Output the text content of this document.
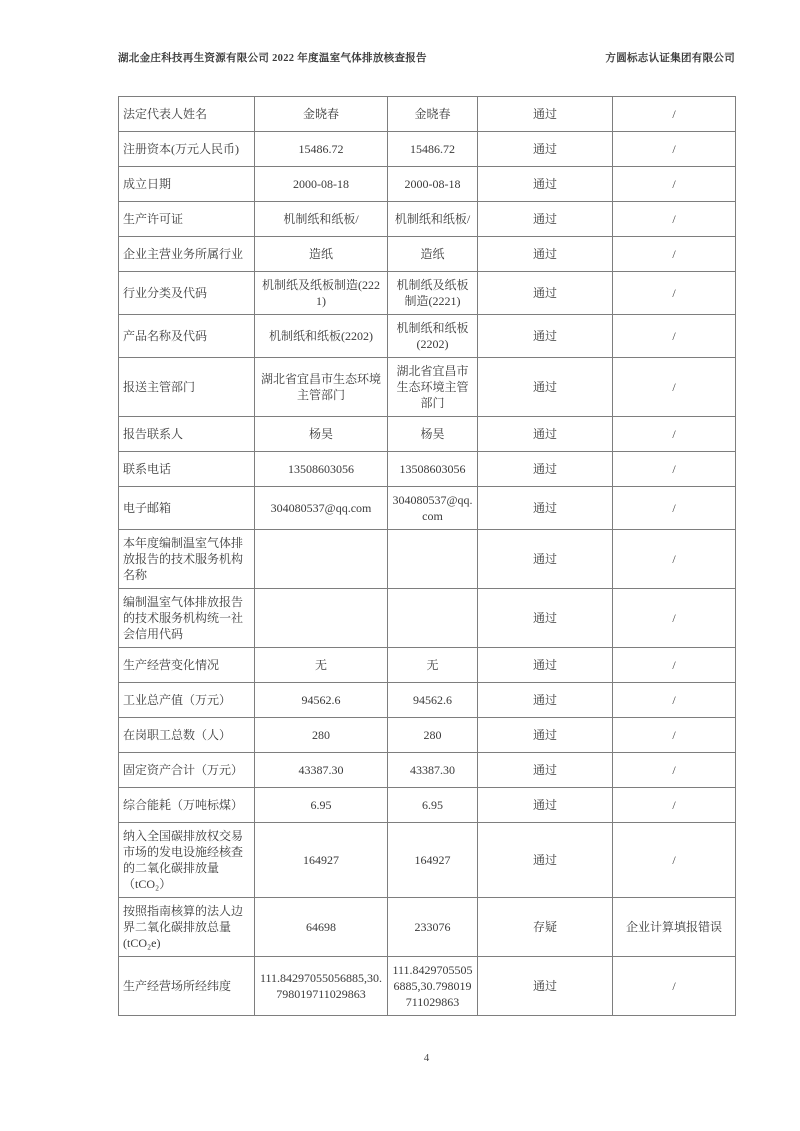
湖北金庄科技再生资源有限公司 2022 年度温室气体排放核查报告	方圆标志认证集团有限公司
法定代表人姓名	金晓春	金晓春	通过	/
注册资本(万元人民币)	15486.72	15486.72	通过	/
成立日期	2000-08-18	2000-08-18	通过	/
生产许可证	机制纸和纸板/	机制纸和纸板/	通过	/
企业主营业务所属行业	造纸	造纸	通过	/
行业分类及代码	机制纸及纸板制造(2221)	机制纸及纸板制造(2221)	通过	/
产品名称及代码	机制纸和纸板(2202)	机制纸和纸板(2202)	通过	/
报送主管部门	湖北省宜昌市生态环境主管部门	湖北省宜昌市生态环境主管部门	通过	/
报告联系人	杨昊	杨昊	通过	/
联系电话	13508603056	13508603056	通过	/
电子邮箱	304080537@qq.com	304080537@qq.com	通过	/
本年度编制温室气体排放报告的技术服务机构名称			通过	/
编制温室气体排放报告的技术服务机构统一社会信用代码			通过	/
生产经营变化情况	无	无	通过	/
工业总产值（万元）	94562.6	94562.6	通过	/
在岗职工总数（人）	280	280	通过	/
固定资产合计（万元）	43387.30	43387.30	通过	/
综合能耗（万吨标煤）	6.95	6.95	通过	/
纳入全国碳排放权交易市场的发电设施经核查的二氧化碳排放量（tCO₂）	164927	164927	通过	/
按照指南核算的法人边界二氧化碳排放总量(tCO₂e)	64698	233076	存疑	企业计算填报错误
生产经营场所经纬度	111.84297055056885,30.798019711029863	111.84297055056885,30.798019711029863	通过	/
4
